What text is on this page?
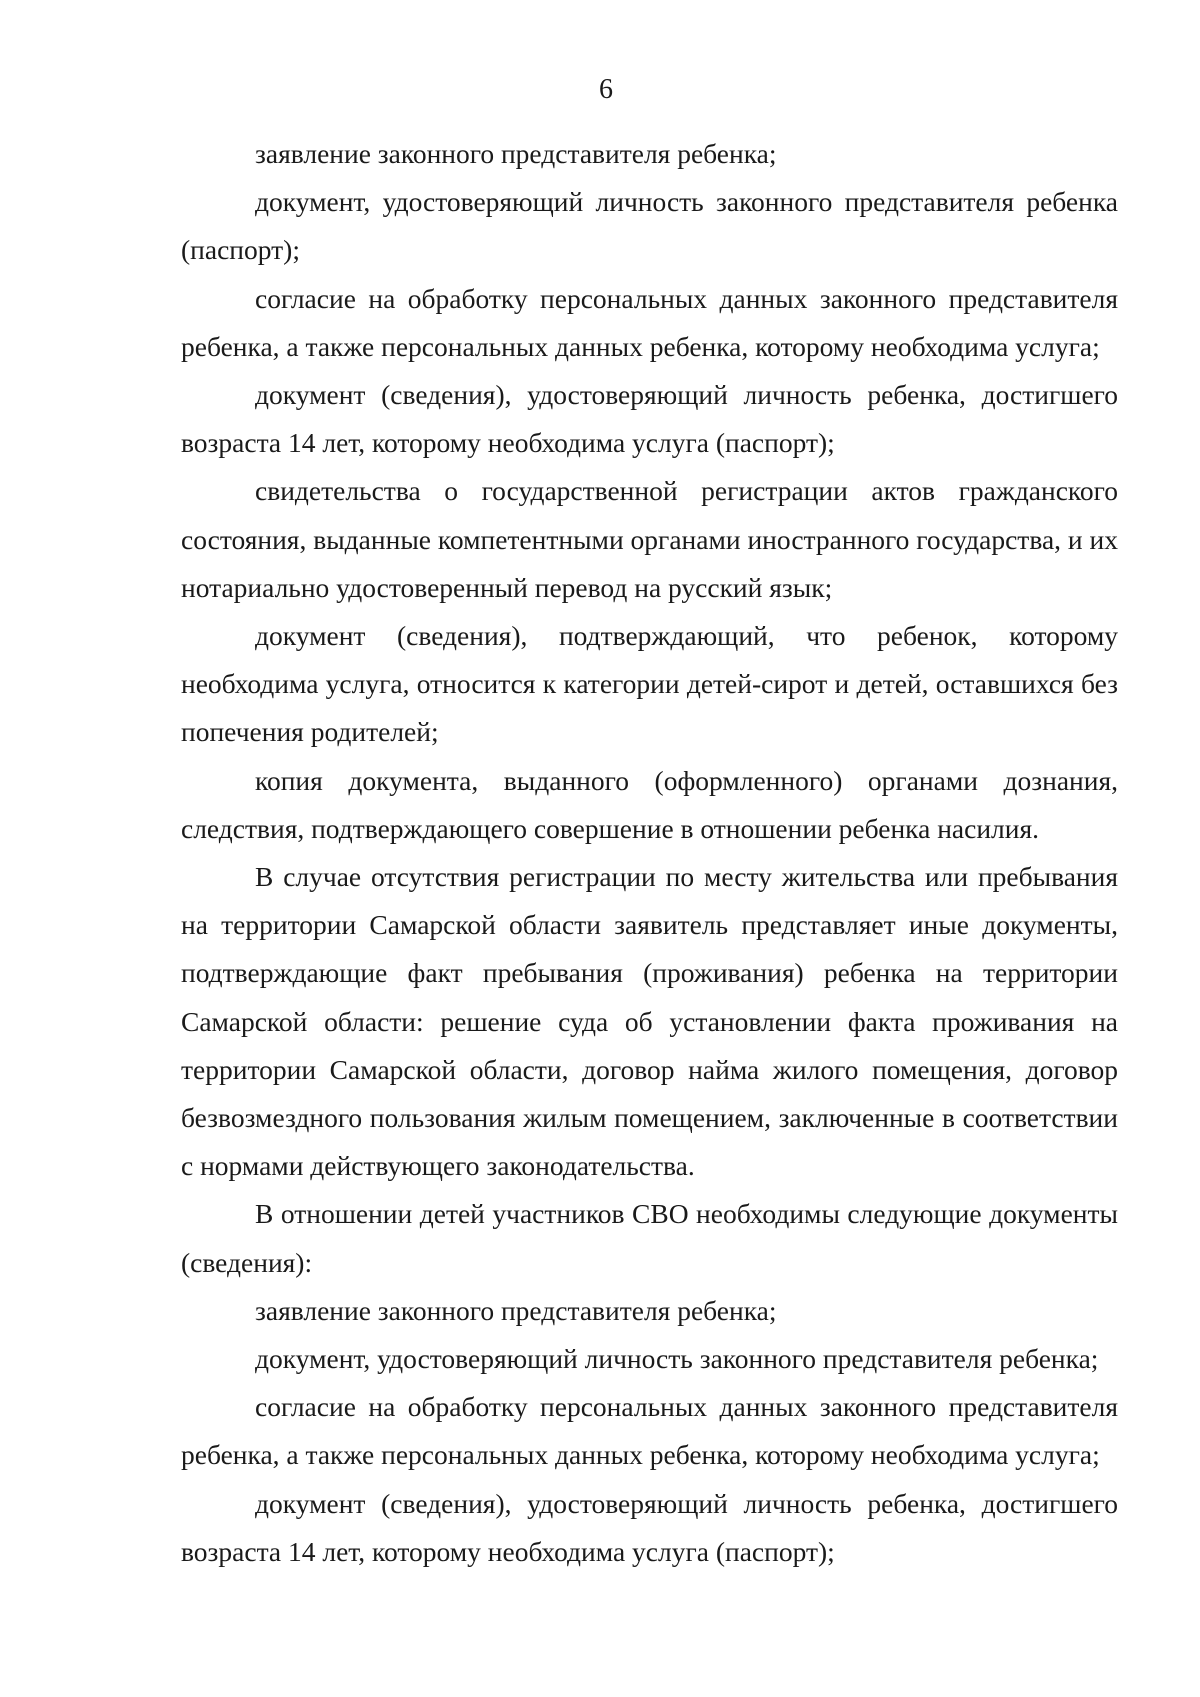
6

заявление законного представителя ребенка;

документ, удостоверяющий личность законного представителя ребенка (паспорт);

согласие на обработку персональных данных законного представителя ребенка, а также персональных данных ребенка, которому необходима услуга;

документ (сведения), удостоверяющий личность ребенка, достигшего возраста 14 лет, которому необходима услуга (паспорт);

свидетельства о государственной регистрации актов гражданского состояния, выданные компетентными органами иностранного государства, и их нотариально удостоверенный перевод на русский язык;

документ (сведения), подтверждающий, что ребенок, которому необходима услуга, относится к категории детей-сирот и детей, оставшихся без попечения родителей;

копия документа, выданного (оформленного) органами дознания, следствия, подтверждающего совершение в отношении ребенка насилия.

В случае отсутствия регистрации по месту жительства или пребывания на территории Самарской области заявитель представляет иные документы, подтверждающие факт пребывания (проживания) ребенка на территории Самарской области: решение суда об установлении факта проживания на территории Самарской области, договор найма жилого помещения, договор безвозмездного пользования жилым помещением, заключенные в соответствии с нормами действующего законодательства.

В отношении детей участников СВО необходимы следующие документы (сведения):

заявление законного представителя ребенка;

документ, удостоверяющий личность законного представителя ребенка;

согласие на обработку персональных данных законного представителя ребенка, а также персональных данных ребенка, которому необходима услуга;

документ (сведения), удостоверяющий личность ребенка, достигшего возраста 14 лет, которому необходима услуга (паспорт);
